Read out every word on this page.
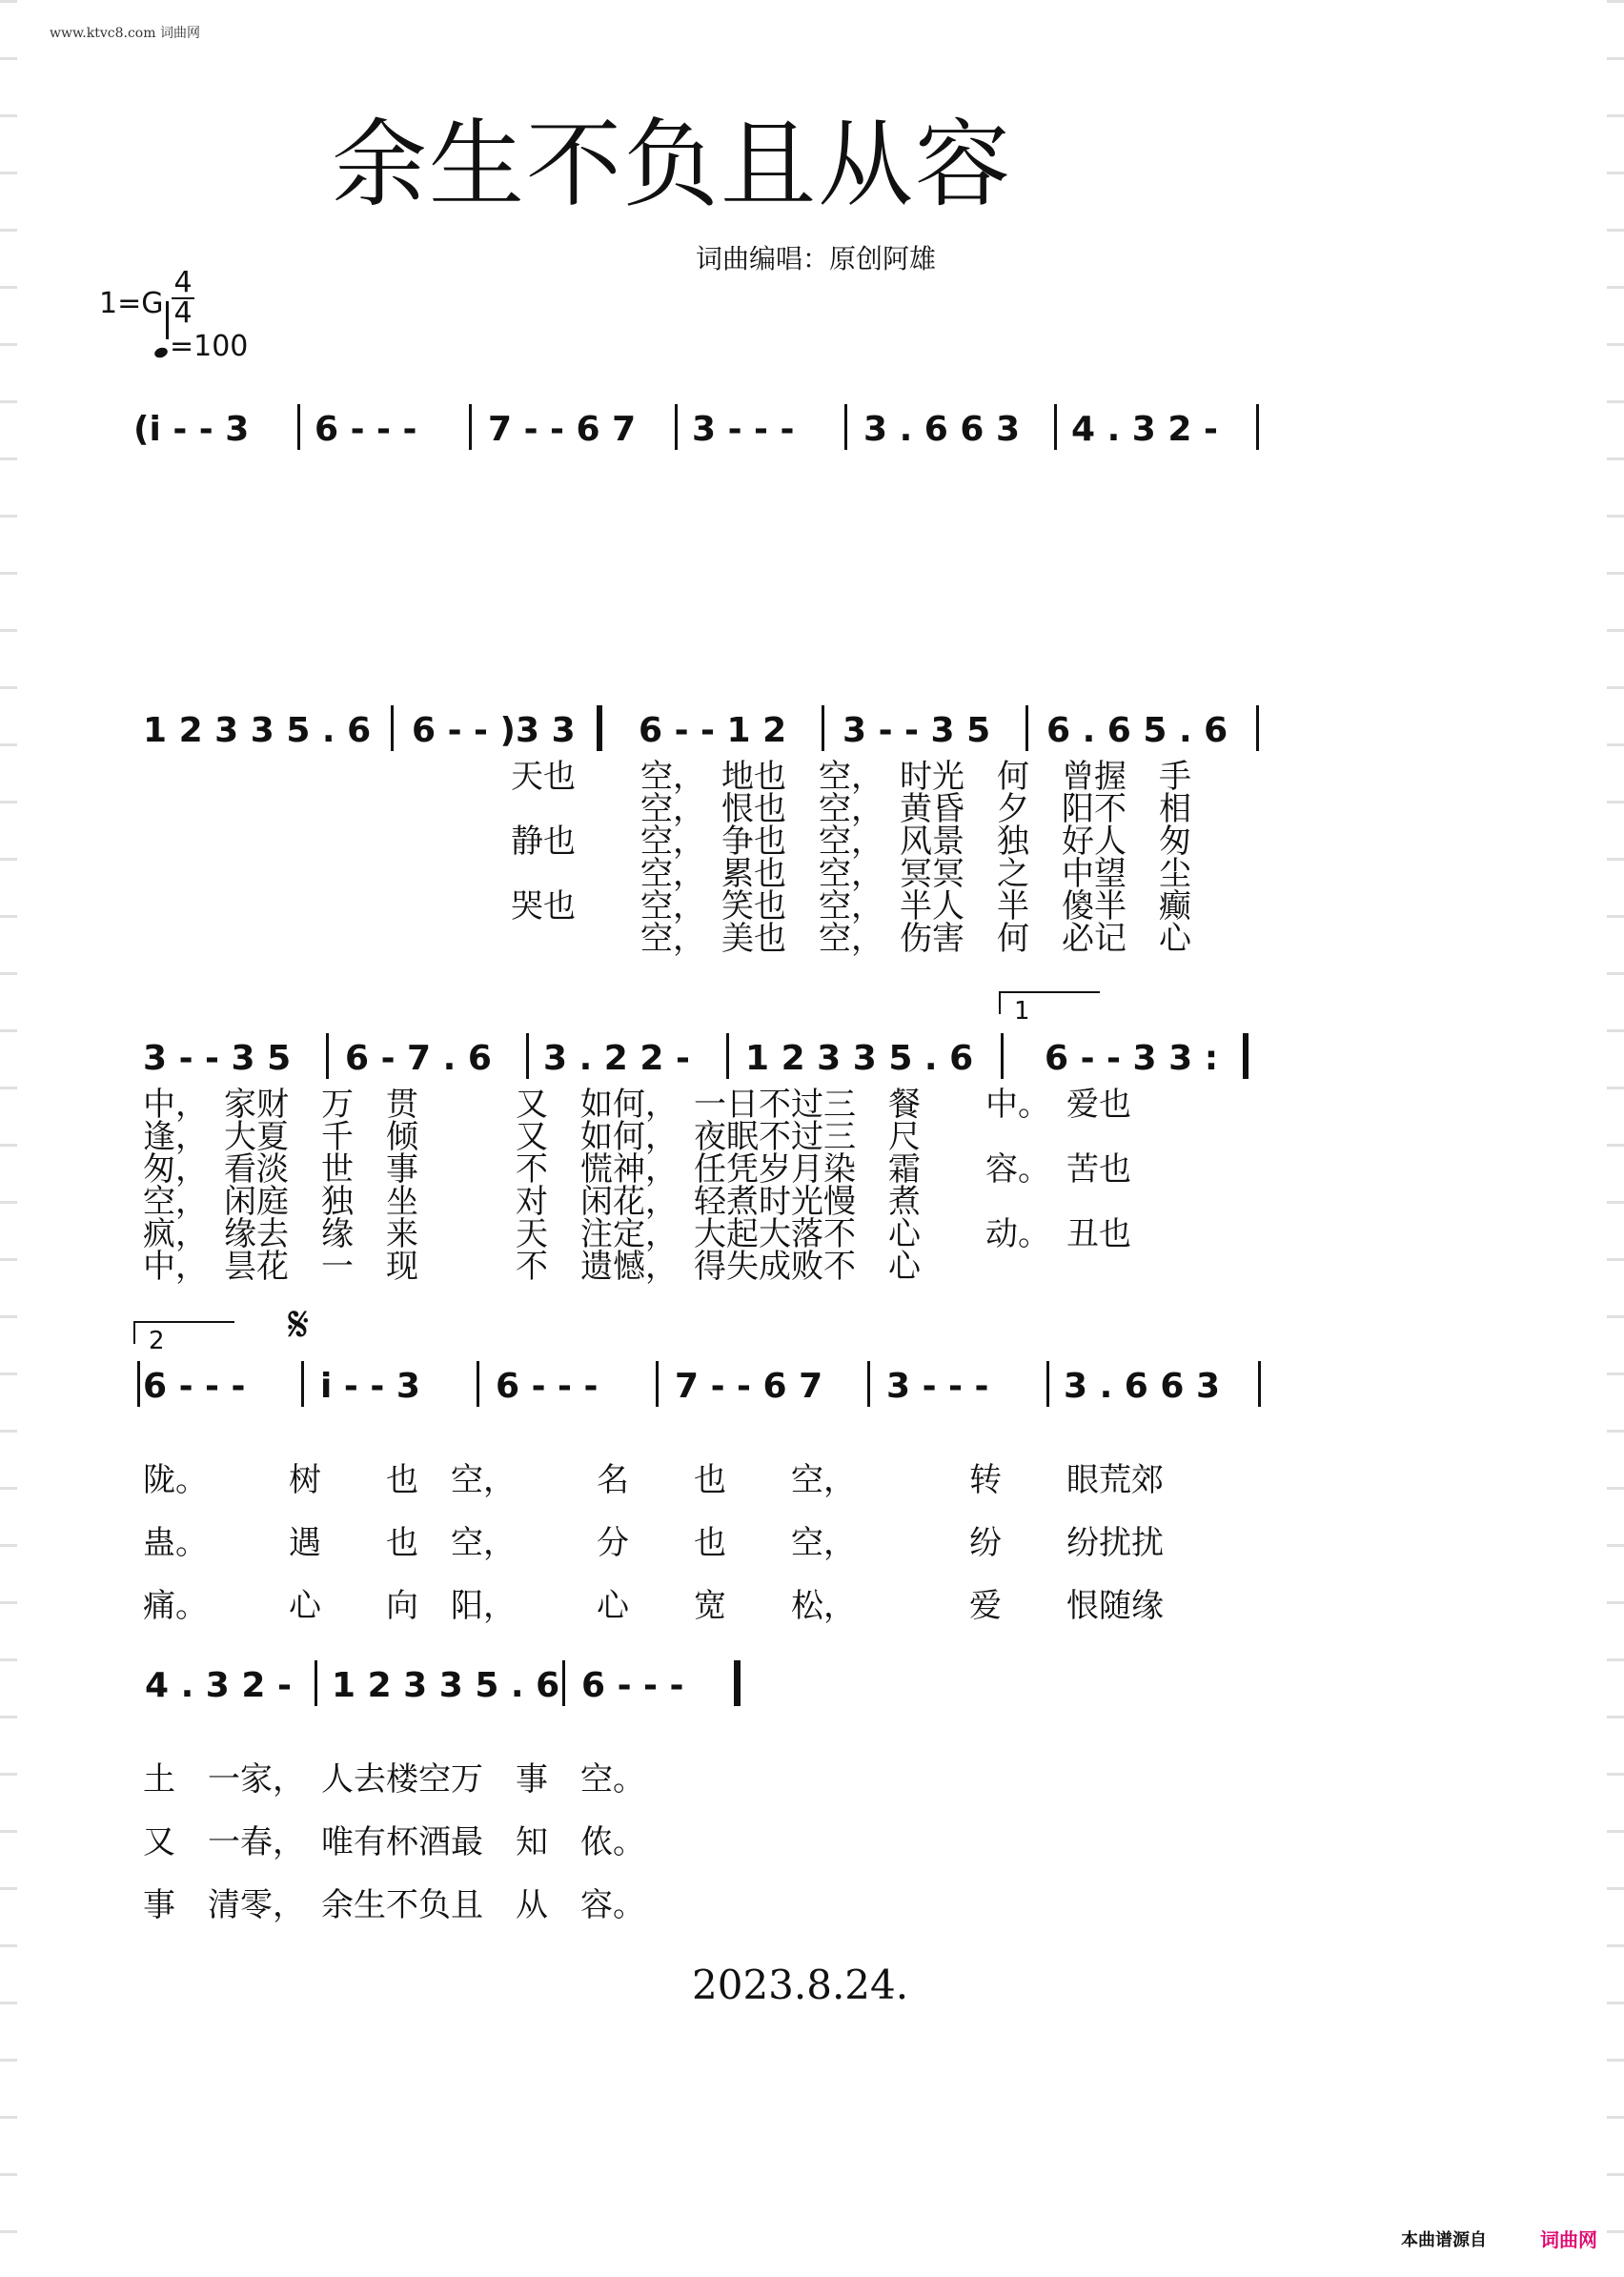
www.ktvc8.com 词曲网
余生不负且从容
词曲编唱：原创阿雄
1=G
4
4
=100
(i - - 3 6 - - - 7 - - 6 7 3 - - - 3 . 6 6 3 4 . 3 2 -
1 2 3 3 5 . 6 6 - - )3 3 6 - - 1 2 3 - - 3 5 6 . 6 5 . 6
天也　　空，　地也　空，　时光　何　曾握　手
　　　　空，　恨也　空，　黄昏　夕　阳不　相
静也　　空，　争也　空，　风景　独　好人　匆
　　　　空，　累也　空，　冥冥　之　中望　尘
哭也　　空，　笑也　空，　半人　半　傻半　癫
　　　　空，　美也　空，　伤害　何　必记　心
1
3 - - 3 5 6 - 7 . 6 3 . 2 2 - 1 2 3 3 5 . 6 6 - - 3 3 :
中，　家财　万　贯　　　又　如何，　一日不过三　餐　　中。　爱也
逢，　大夏　千　倾　　　又　如何，　夜眠不过三　尺
匆，　看淡　世　事　　　不　慌神，　任凭岁月染　霜　　容。　苦也
空，　闲庭　独　坐　　　对　闲花，　轻煮时光慢　煮
疯，　缘去　缘　来　　　天　注定，　大起大落不　心　　动。　丑也
中，　昙花　一　现　　　不　遗憾，　得失成败不　心
2 𝄋
6 - - - i - - 3 6 - - - 7 - - 6 7 3 - - - 3 . 6 6 3
陇。　　　树　　也　空，　　　名　　也　　空，　　　　转　　眼荒郊
蛊。　　　遇　　也　空，　　　分　　也　　空，　　　　纷　　纷扰扰
痛。　　　心　　向　阳，　　　心　　宽　　松，　　　　爱　　恨随缘
4 . 3 2 - 1 2 3 3 5 . 6 6 - - -
土　一家，　人去楼空万　事　空。
又　一春，　唯有杯酒最　知　侬。
事　清零，　余生不负且　从　容。
2023.8.24.
本曲谱源自	词曲网
